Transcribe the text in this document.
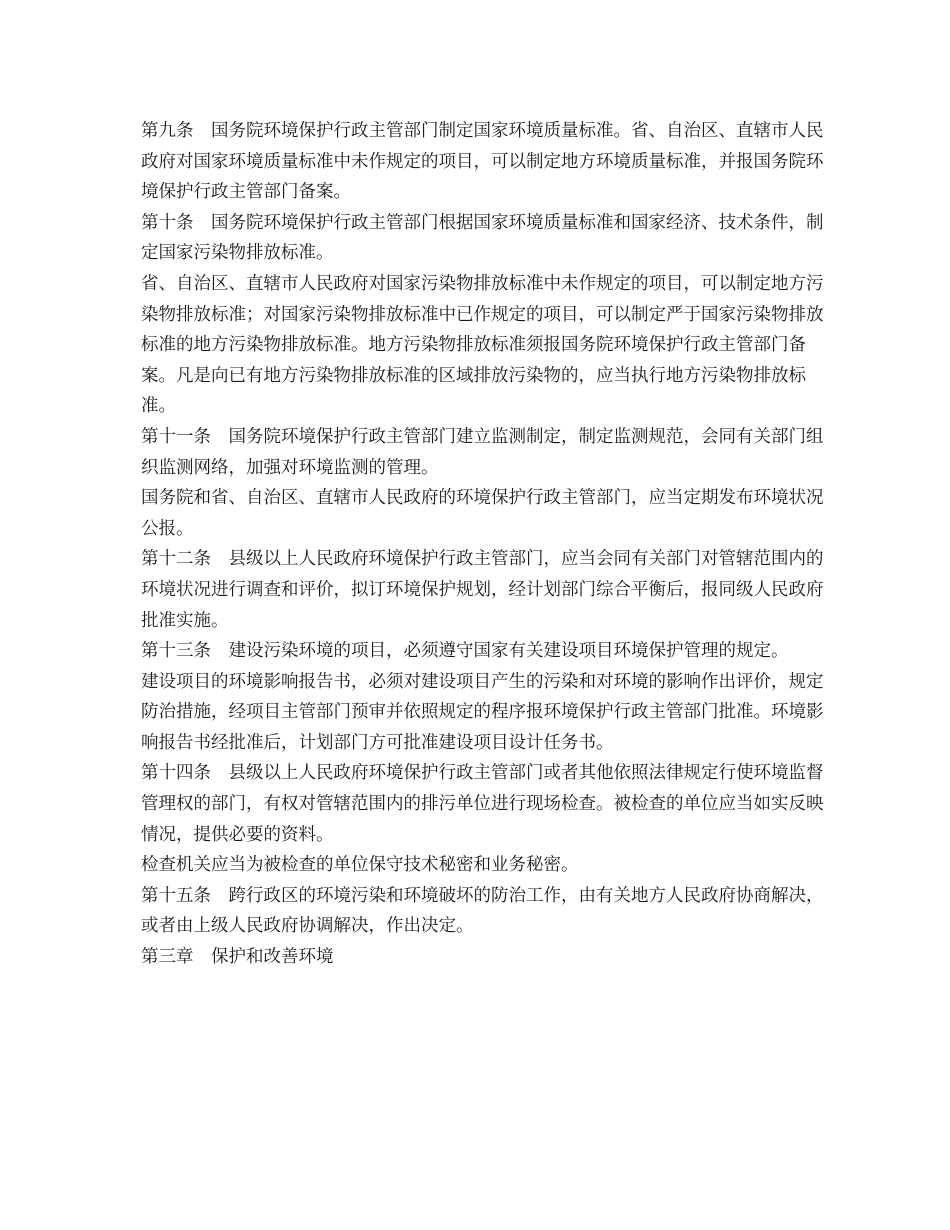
第九条　国务院环境保护行政主管部门制定国家环境质量标准。省、自治区、直辖市人民政府对国家环境质量标准中未作规定的项目，可以制定地方环境质量标准，并报国务院环境保护行政主管部门备案。

第十条　国务院环境保护行政主管部门根据国家环境质量标准和国家经济、技术条件，制定国家污染物排放标准。

省、自治区、直辖市人民政府对国家污染物排放标准中未作规定的项目，可以制定地方污染物排放标准；对国家污染物排放标准中已作规定的项目，可以制定严于国家污染物排放标准的地方污染物排放标准。地方污染物排放标准须报国务院环境保护行政主管部门备案。凡是向已有地方污染物排放标准的区域排放污染物的，应当执行地方污染物排放标准。

第十一条　国务院环境保护行政主管部门建立监测制定，制定监测规范，会同有关部门组织监测网络，加强对环境监测的管理。

国务院和省、自治区、直辖市人民政府的环境保护行政主管部门，应当定期发布环境状况公报。

第十二条　县级以上人民政府环境保护行政主管部门，应当会同有关部门对管辖范围内的环境状况进行调查和评价，拟订环境保护规划，经计划部门综合平衡后，报同级人民政府批准实施。

第十三条　建设污染环境的项目，必须遵守国家有关建设项目环境保护管理的规定。

建设项目的环境影响报告书，必须对建设项目产生的污染和对环境的影响作出评价，规定防治措施，经项目主管部门预审并依照规定的程序报环境保护行政主管部门批准。环境影响报告书经批准后，计划部门方可批准建设项目设计任务书。

第十四条　县级以上人民政府环境保护行政主管部门或者其他依照法律规定行使环境监督管理权的部门，有权对管辖范围内的排污单位进行现场检查。被检查的单位应当如实反映情况，提供必要的资料。

检查机关应当为被检查的单位保守技术秘密和业务秘密。

第十五条　跨行政区的环境污染和环境破坏的防治工作，由有关地方人民政府协商解决，或者由上级人民政府协调解决，作出决定。

第三章　保护和改善环境
